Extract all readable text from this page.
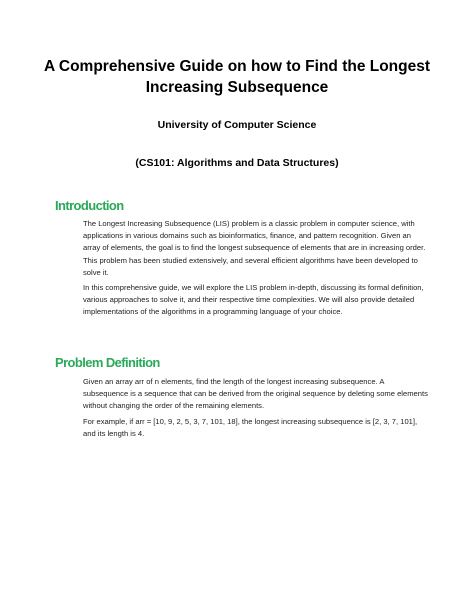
A Comprehensive Guide on how to Find the Longest Increasing Subsequence

University of Computer Science

(CS101: Algorithms and Data Structures)

Introduction

The Longest Increasing Subsequence (LIS) problem is a classic problem in computer science, with applications in various domains such as bioinformatics, finance, and pattern recognition. Given an array of elements, the goal is to find the longest subsequence of elements that are in increasing order. This problem has been studied extensively, and several efficient algorithms have been developed to solve it.

In this comprehensive guide, we will explore the LIS problem in-depth, discussing its formal definition, various approaches to solve it, and their respective time complexities. We will also provide detailed implementations of the algorithms in a programming language of your choice.

Problem Definition

Given an array arr of n elements, find the length of the longest increasing subsequence. A subsequence is a sequence that can be derived from the original sequence by deleting some elements without changing the order of the remaining elements.

For example, if arr = [10, 9, 2, 5, 3, 7, 101, 18], the longest increasing subsequence is [2, 3, 7, 101], and its length is 4.
